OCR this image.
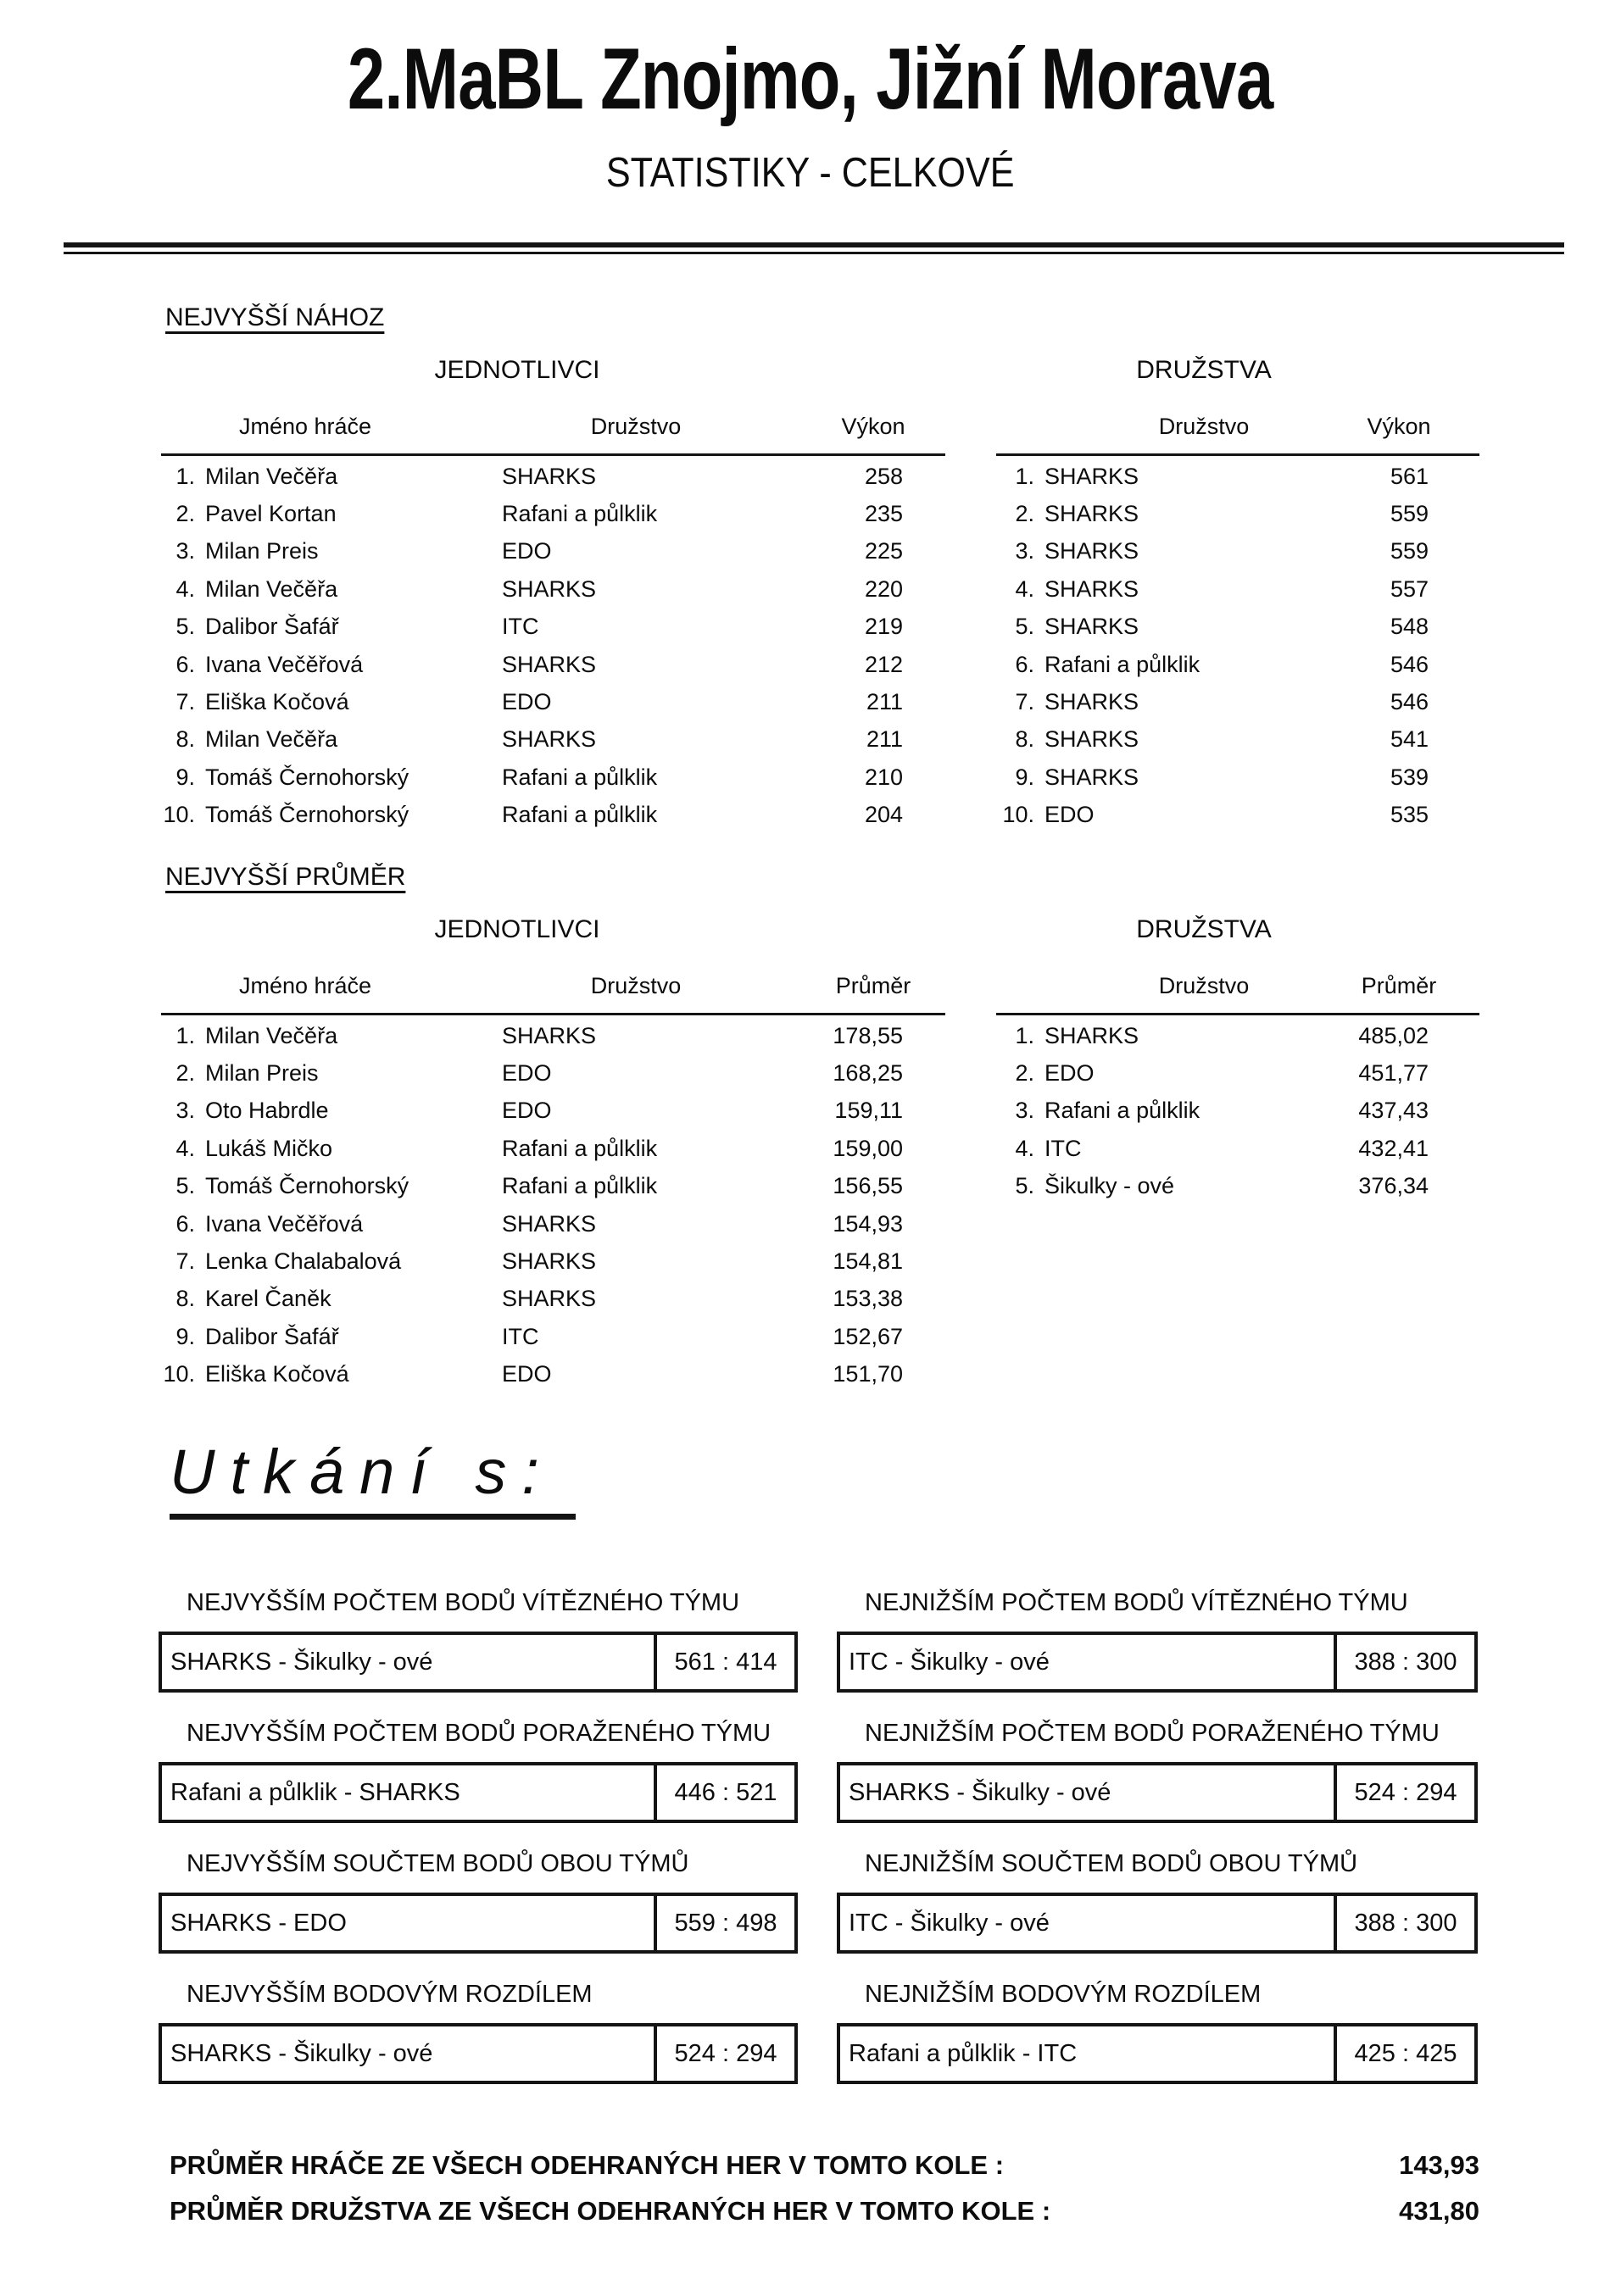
2.MaBL Znojmo, Jižní Morava
STATISTIKY - CELKOVÉ
NEJVYŠŠÍ NÁHOZ
JEDNOTLIVCI
Jméno hráče	Družstvo	Výkon
1. Milan Večěřa	SHARKS	258
2. Pavel Kortan	Rafani a půlklik	235
3. Milan Preis	EDO	225
4. Milan Večěřa	SHARKS	220
5. Dalibor Šafář	ITC	219
6. Ivana Večěřová	SHARKS	212
7. Eliška Kočová	EDO	211
8. Milan Večěřa	SHARKS	211
9. Tomáš Černohorský	Rafani a půlklik	210
10. Tomáš Černohorský	Rafani a půlklik	204
DRUŽSTVA
Družstvo	Výkon
1. SHARKS	561
2. SHARKS	559
3. SHARKS	559
4. SHARKS	557
5. SHARKS	548
6. Rafani a půlklik	546
7. SHARKS	546
8. SHARKS	541
9. SHARKS	539
10. EDO	535
NEJVYŠŠÍ PRŮMĚR
JEDNOTLIVCI
Jméno hráče	Družstvo	Průměr
1. Milan Večěřa	SHARKS	178,55
2. Milan Preis	EDO	168,25
3. Oto Habrdle	EDO	159,11
4. Lukáš Mičko	Rafani a půlklik	159,00
5. Tomáš Černohorský	Rafani a půlklik	156,55
6. Ivana Večěřová	SHARKS	154,93
7. Lenka Chalabalová	SHARKS	154,81
8. Karel Čaněk	SHARKS	153,38
9. Dalibor Šafář	ITC	152,67
10. Eliška Kočová	EDO	151,70
DRUŽSTVA
Družstvo	Průměr
1. SHARKS	485,02
2. EDO	451,77
3. Rafani a půlklik	437,43
4. ITC	432,41
5. Šikulky - ové	376,34
Utkání s:
NEJVYŠŠÍM POČTEM BODŮ VÍTĚZNÉHO TÝMU
SHARKS - Šikulky - ové	561 : 414
NEJNIŽŠÍM POČTEM BODŮ VÍTĚZNÉHO TÝMU
ITC - Šikulky - ové	388 : 300
NEJVYŠŠÍM POČTEM BODŮ PORAŽENÉHO TÝMU
Rafani a půlklik - SHARKS	446 : 521
NEJNIŽŠÍM POČTEM BODŮ PORAŽENÉHO TÝMU
SHARKS - Šikulky - ové	524 : 294
NEJVYŠŠÍM SOUČTEM BODŮ OBOU TÝMŮ
SHARKS - EDO	559 : 498
NEJNIŽŠÍM SOUČTEM BODŮ OBOU TÝMŮ
ITC - Šikulky - ové	388 : 300
NEJVYŠŠÍM BODOVÝM ROZDÍLEM
SHARKS - Šikulky - ové	524 : 294
NEJNIŽŠÍM BODOVÝM ROZDÍLEM
Rafani a půlklik - ITC	425 : 425
PRŮMĚR HRÁČE ZE VŠECH ODEHRANÝCH HER V TOMTO KOLE :	143,93
PRŮMĚR DRUŽSTVA ZE VŠECH ODEHRANÝCH HER V TOMTO KOLE :	431,80
